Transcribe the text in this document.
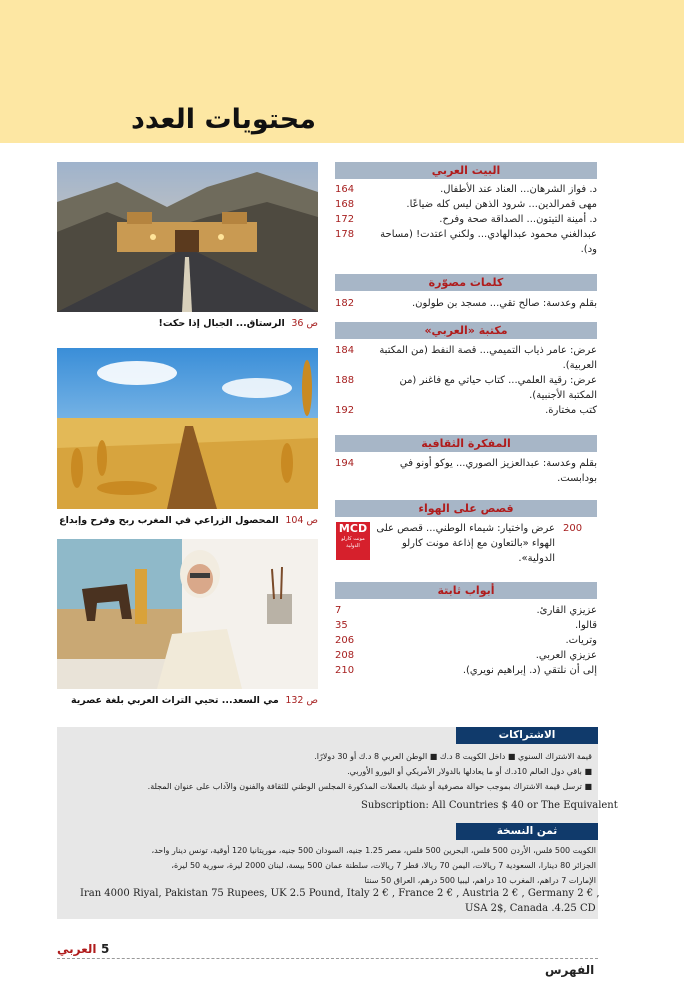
محتويات العدد
ص 36  الرستاق... الجبال إذا حكت!
ص 104  المحصول الزراعي في المغرب ربح وفرح وإبداع
ص 132  مي السعد... تحيي التراث العربي بلغة عصرية
البيت العربي
د. فواز الشرهان... العناد عند الأطفال.
164
مهى قمرالدين... شرود الذهن ليس كله ضياعًا.
168
د. أمينة التيتون... الصداقة صحة وفرح.
172
عبدالغني محمود عبدالهادي... ولكني اعتدت! (مساحة ود).
178
كلمات مصوّرة
بقلم وعدسة: صالح تقي... مسجد بن طولون.
182
مكتبة «العربي»
عرض: عامر ذياب التميمي... قصة النفط (من المكتبة العربية).
184
عرض: رقية العلمي... كتاب حياتي مع فاغنر (من المكتبة الأجنبية).
188
كتب مختارة.
192
المفكرة الثقافية
بقلم وعدسة: عبدالعزيز الصوري... يوكو أونو في بودابست.
194
قصص على الهواء
عرض واختيار: شيماء الوطني... قصص على الهواء «بالتعاون مع إذاعة مونت كارلو الدولية».
200
MCD
مونت كارلو الدولية
أبواب ثابتة
عزيزي القارئ.
7
قالوا.
35
وتريات.
206
عزيزي العربي.
208
إلى أن نلتقي (د. إبراهيم نويري).
210
الاشتراكات
قيمة الاشتراك السنوي ■ داخل الكويت 8 د.ك ■ الوطن العربي 8 د.ك أو 30 دولارًا.
■ باقي دول العالم 10د.ك أو ما يعادلها بالدولار الأمريكي أو اليورو الأوربي.
■ ترسل قيمة الاشتراك بموجب حوالة مصرفية أو شيك بالعملات المذكورة المجلس الوطني للثقافة والفنون والآداب على عنوان المجلة.
Subscription: All Countries $ 40 or The Equivalent
ثمن النسخة
الكويت 500 فلس، الأردن 500 فلس، البحرين 500 فلس، مصر 1.25 جنيه، السودان 500 جنيه، موريتانيا 120 أوقية، تونس دينار واحد،
الجزائر 80 دينارا، السعودية 7 ريالات، اليمن 70 ريالا، قطر 7 ريالات، سلطنة عمان 500 بيسة، لبنان 2000 ليرة، سورية 50 ليرة،
الإمارات 7 دراهم، المغرب 10 دراهم، ليبيا 500 درهم، العراق 50 سنتا
Iran 4000 Riyal, Pakistan 75 Rupees, UK 2.5 Pound, Italy 2 € , France 2 € , Austria 2 € , Germany 2 € ,
USA 2$, Canada .4.25 CD
العربي 5
الفهرس
